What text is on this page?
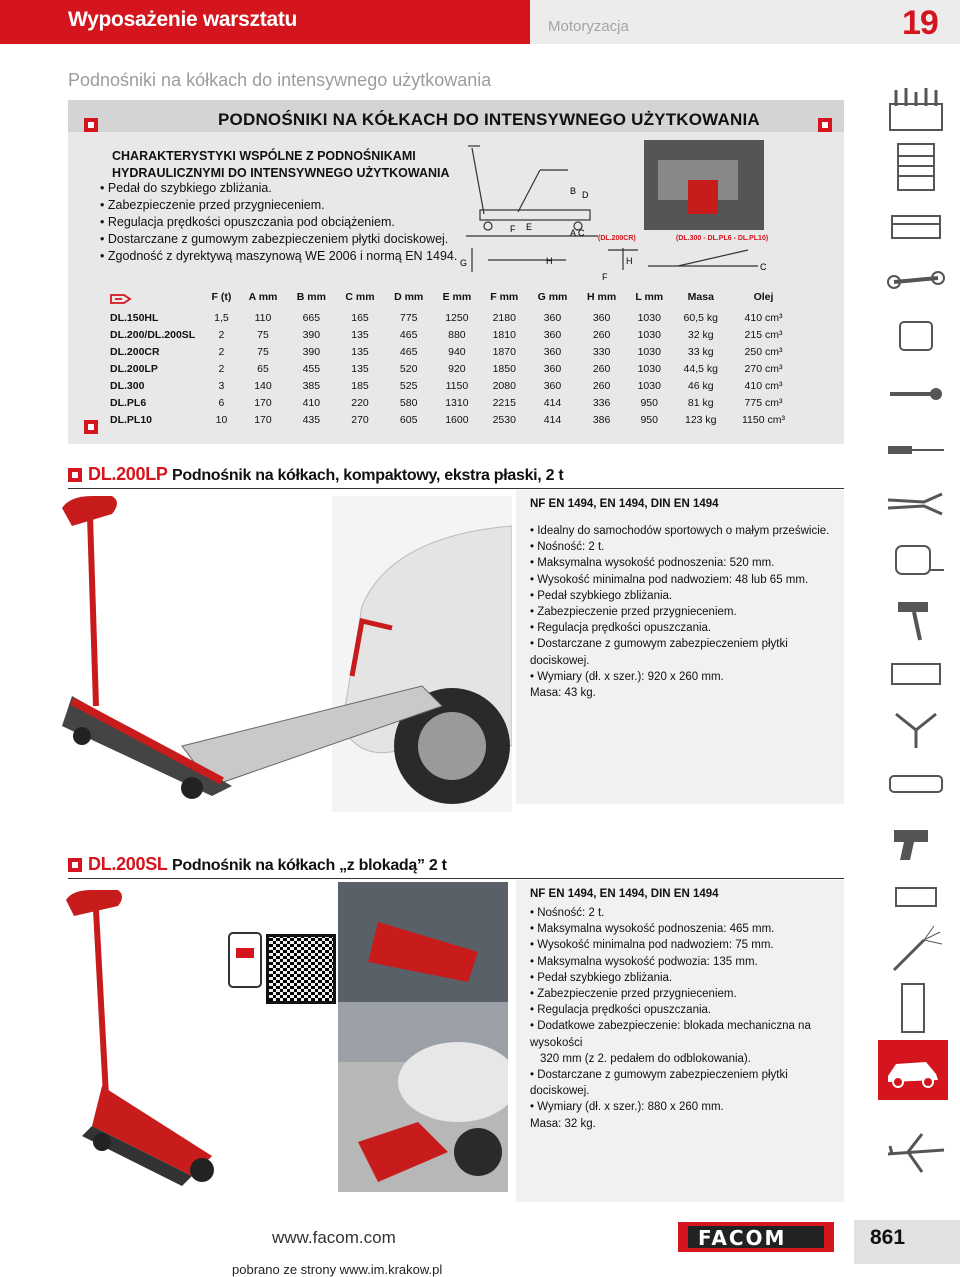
Wyposażenie warsztatu	Motoryzacja	19
Podnośniki na kółkach do intensywnego użytkowania
PODNOŚNIKI NA KÓŁKACH DO INTENSYWNEGO UŻYTKOWANIA
CHARAKTERYSTYKI WSPÓLNE Z PODNOŚNIKAMI HYDRAULICZNYMI DO INTENSYWNEGO UŻYTKOWANIA
• Pedał do szybkiego zbliżania.
• Zabezpieczenie przed przygnieceniem.
• Regulacja prędkości opuszczania pod obciążeniem.
• Dostarczane z gumowym zabezpieczeniem płytki dociskowej.
• Zgodność z dyrektywą maszynową WE 2006 i normą EN 1494. G
F E
B D
A C
H
(DL.200CR)
H
F
(DL.300 - DL.PL6 - DL.PL10)
C
	F (t)	A mm	B mm	C mm	D mm	E mm	F mm	G mm	H mm	L mm	Masa	Olej
DL.150HL	1,5	110	665	165	775	1250	2180	360	360	1030	60,5 kg	410 cm³
DL.200/DL.200SL	2	75	390	135	465	880	1810	360	260	1030	32 kg	215 cm³
DL.200CR	2	75	390	135	465	940	1870	360	330	1030	33 kg	250 cm³
DL.200LP	2	65	455	135	520	920	1850	360	260	1030	44,5 kg	270 cm³
DL.300	3	140	385	185	525	1150	2080	360	260	1030	46 kg	410 cm³
DL.PL6	6	170	410	220	580	1310	2215	414	336	950	81 kg	775 cm³
DL.PL10	10	170	435	270	605	1600	2530	414	386	950	123 kg	1150 cm³
DL.200LP Podnośnik na kółkach, kompaktowy, ekstra płaski, 2 t
NF EN 1494, EN 1494, DIN EN 1494
• Idealny do samochodów sportowych o małym prześwicie.
• Nośność: 2 t.
• Maksymalna wysokość podnoszenia: 520 mm.
• Wysokość minimalna pod nadwoziem: 48 lub 65 mm.
• Pedał szybkiego zbliżania.
• Zabezpieczenie przed przygnieceniem.
• Regulacja prędkości opuszczania.
• Dostarczane z gumowym zabezpieczeniem płytki dociskowej.
• Wymiary (dł. x szer.): 920 x 260 mm.
Masa: 43 kg.
DL.200SL Podnośnik na kółkach „z blokadą” 2 t
NF EN 1494, EN 1494, DIN EN 1494
• Nośność: 2 t.
• Maksymalna wysokość podnoszenia: 465 mm.
• Wysokość minimalna pod nadwoziem: 75 mm.
• Maksymalna wysokość podwozia: 135 mm.
• Pedał szybkiego zbliżania.
• Zabezpieczenie przed przygnieceniem.
• Regulacja prędkości opuszczania.
• Dodatkowe zabezpieczenie: blokada mechaniczna na wysokości
320 mm (z 2. pedałem do odblokowania).
• Dostarczane z gumowym zabezpieczeniem płytki dociskowej.
• Wymiary (dł. x szer.): 880 x 260 mm.
Masa: 32 kg.
www.facom.com	FACOM	861
pobrano ze strony www.im.krakow.pl
